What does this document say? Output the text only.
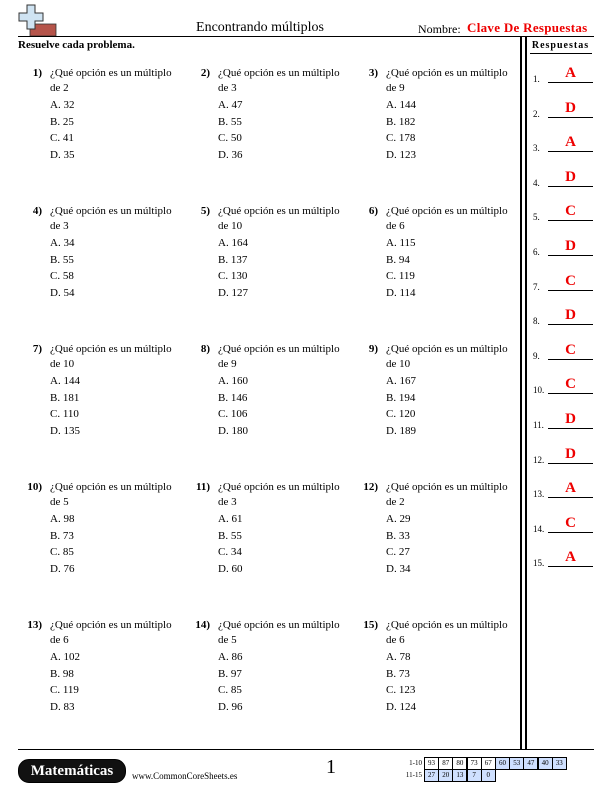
Encontrando múltiplos	Nombre: Clave De Respuestas
Resuelve cada problema.	Respuestas
1) ¿Qué opción es un múltiplo de 2
A. 32
B. 25
C. 41
D. 35
2) ¿Qué opción es un múltiplo de 3
A. 47
B. 55
C. 50
D. 36
3) ¿Qué opción es un múltiplo de 9
A. 144
B. 182
C. 178
D. 123
4) ¿Qué opción es un múltiplo de 3
A. 34
B. 55
C. 58
D. 54
5) ¿Qué opción es un múltiplo de 10
A. 164
B. 137
C. 130
D. 127
6) ¿Qué opción es un múltiplo de 6
A. 115
B. 94
C. 119
D. 114
7) ¿Qué opción es un múltiplo de 10
A. 144
B. 181
C. 110
D. 135
8) ¿Qué opción es un múltiplo de 9
A. 160
B. 146
C. 106
D. 180
9) ¿Qué opción es un múltiplo de 10
A. 167
B. 194
C. 120
D. 189
10) ¿Qué opción es un múltiplo de 5
A. 98
B. 73
C. 85
D. 76
11) ¿Qué opción es un múltiplo de 3
A. 61
B. 55
C. 34
D. 60
12) ¿Qué opción es un múltiplo de 2
A. 29
B. 33
C. 27
D. 34
13) ¿Qué opción es un múltiplo de 6
A. 102
B. 98
C. 119
D. 83
14) ¿Qué opción es un múltiplo de 5
A. 86
B. 97
C. 85
D. 96
15) ¿Qué opción es un múltiplo de 6
A. 78
B. 73
C. 123
D. 124
1.	A
2.	D
3.	A
4.	D
5.	C
6.	D
7.	C
8.	D
9.	C
10.	C
11.	D
12.	D
13.	A
14.	C
15.	A
Matemáticas	www.CommonCoreSheets.es	1	1-10 93	87	80	73	67	60	53	47	40	33
11-15 27	20	13	7	0
